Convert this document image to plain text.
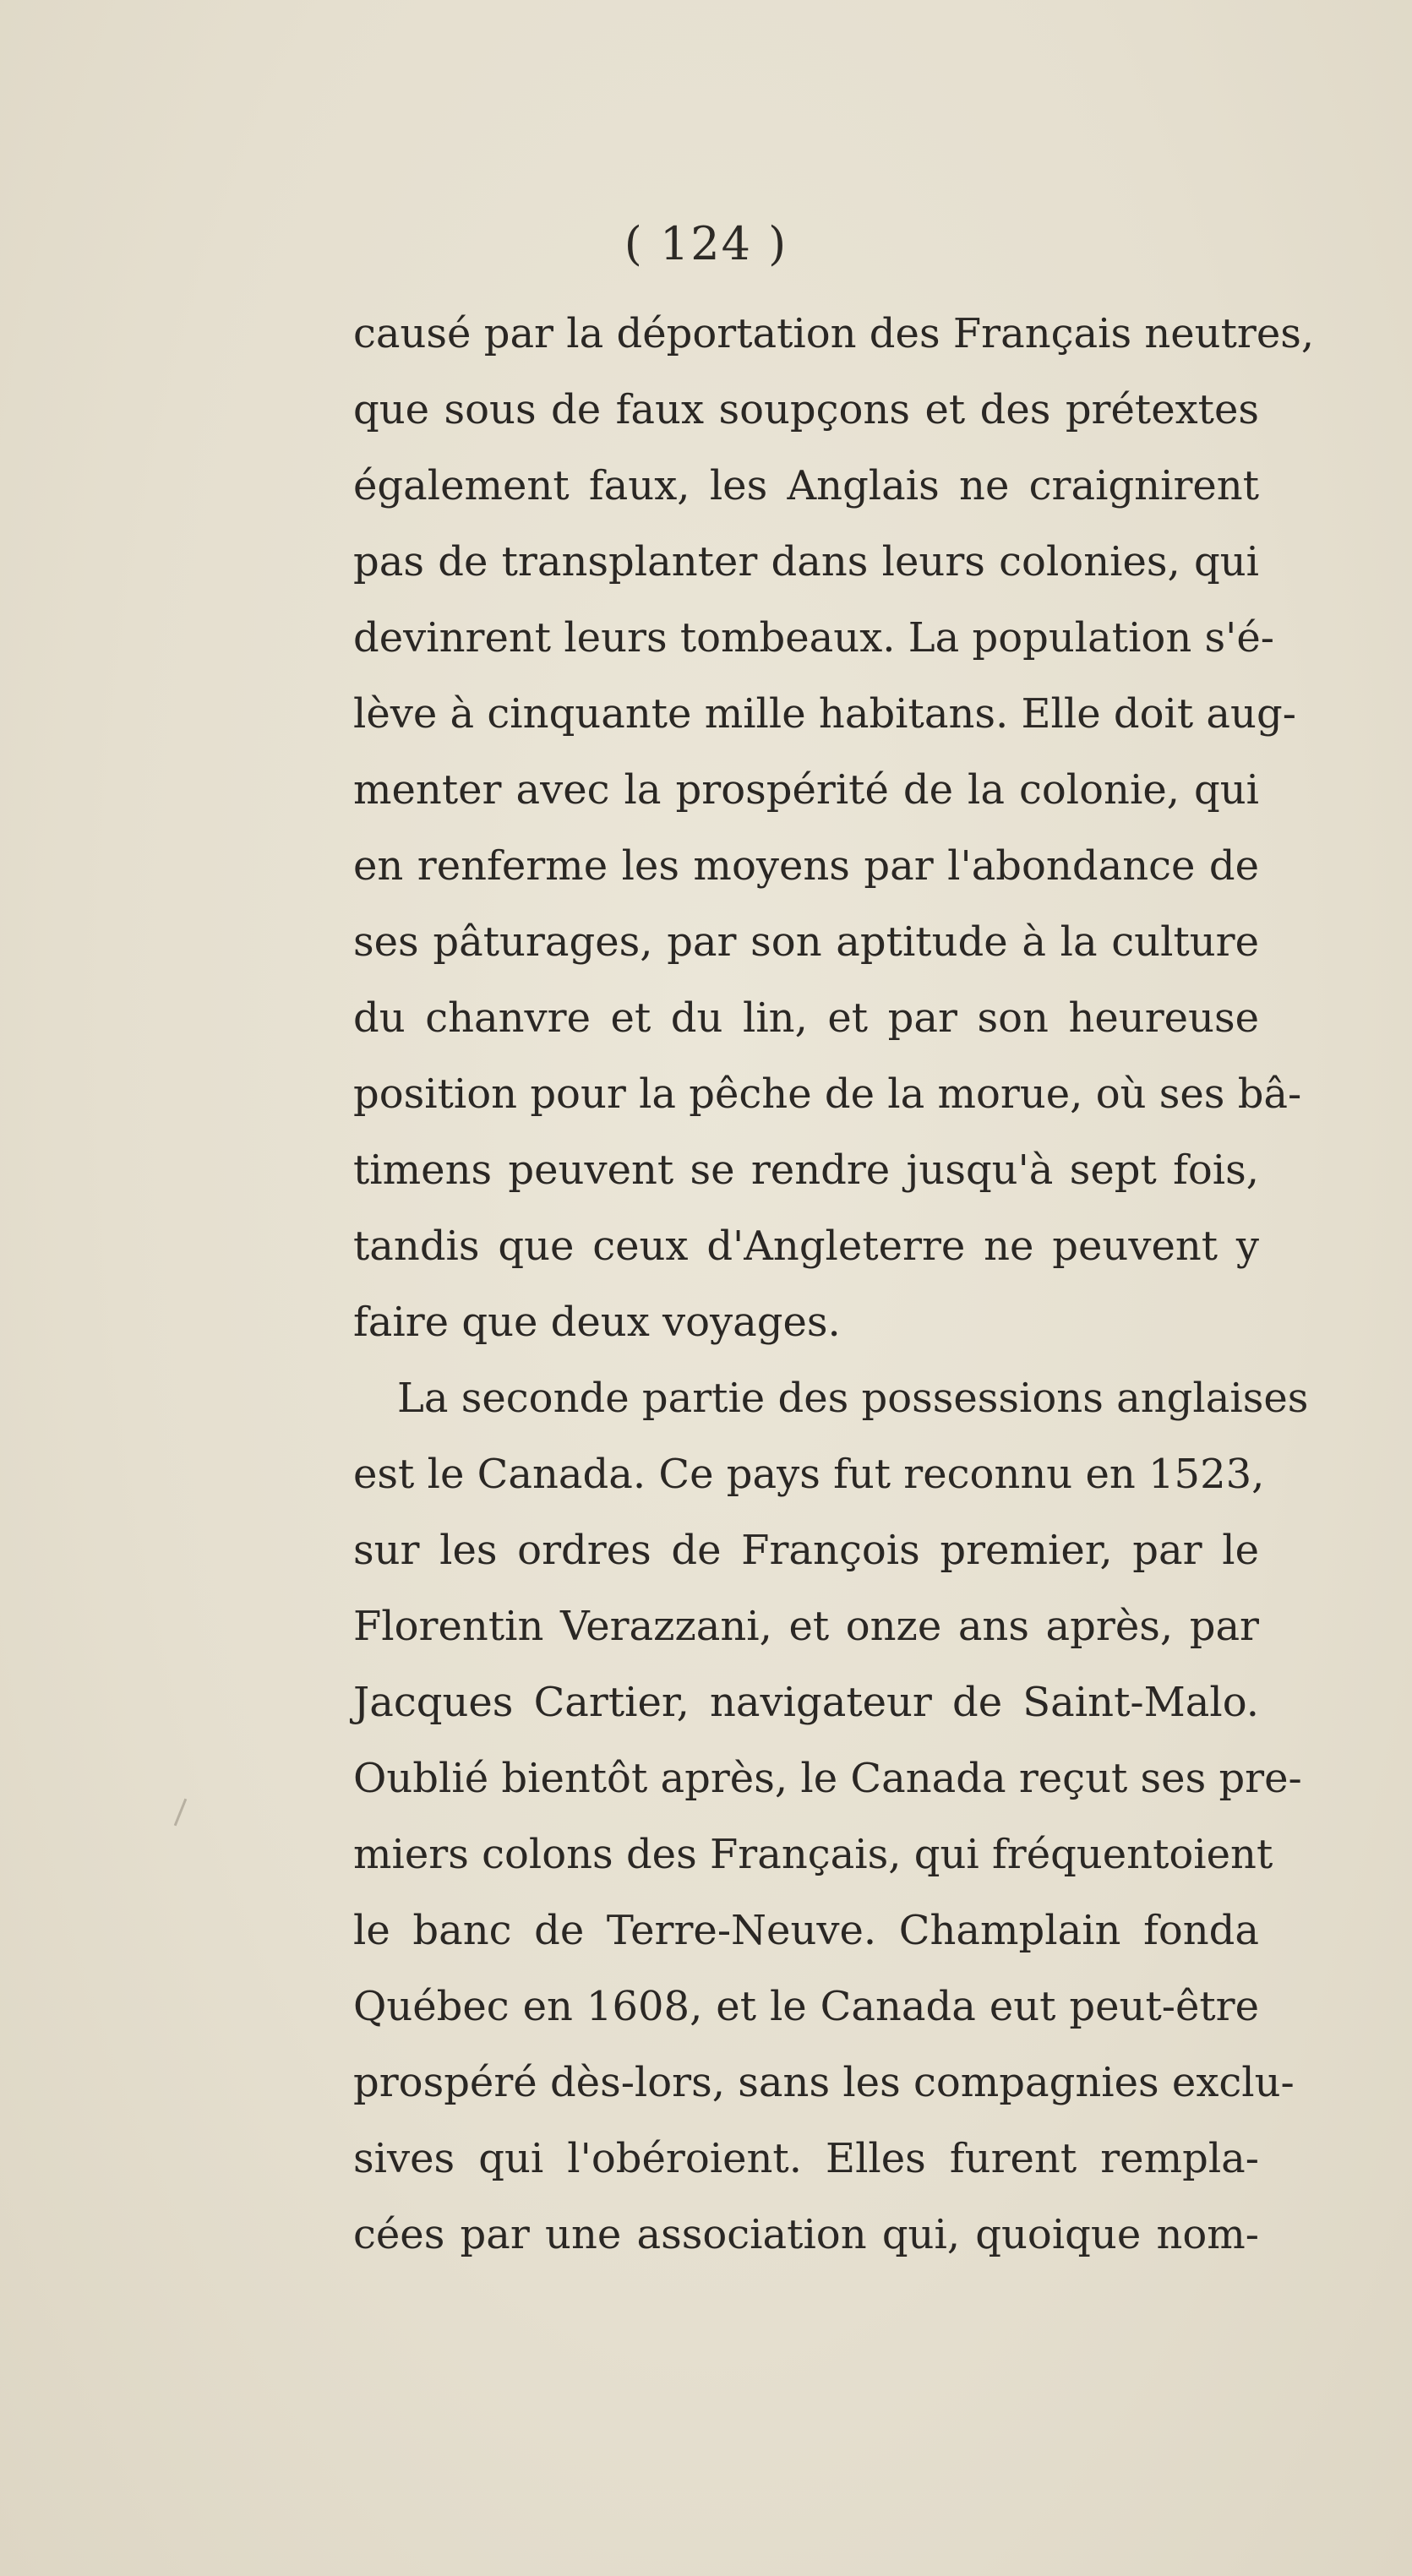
( 124 )
causé par la déportation des Français neutres,
que sous de faux soupçons et des prétextes
également faux, les Anglais ne craignirent
pas de transplanter dans leurs colonies, qui
devinrent leurs tombeaux. La population s'é-
lève à cinquante mille habitans. Elle doit aug-
menter avec la prospérité de la colonie, qui
en renferme les moyens par l'abondance de
ses pâturages, par son aptitude à la culture
du chanvre et du lin, et par son heureuse
position pour la pêche de la morue, où ses bâ-
timens peuvent se rendre jusqu'à sept fois,
tandis que ceux d'Angleterre ne peuvent y
faire que deux voyages.
La seconde partie des possessions anglaises
est le Canada. Ce pays fut reconnu en 1523,
sur les ordres de François premier, par le
Florentin Verazzani, et onze ans après, par
Jacques Cartier, navigateur de Saint-Malo.
Oublié bientôt après, le Canada reçut ses pre-
miers colons des Français, qui fréquentoient
le banc de Terre-Neuve. Champlain fonda
Québec en 1608, et le Canada eut peut-être
prospéré dès-lors, sans les compagnies exclu-
sives qui l'obéroient. Elles furent rempla-
cées par une association qui, quoique nom-
